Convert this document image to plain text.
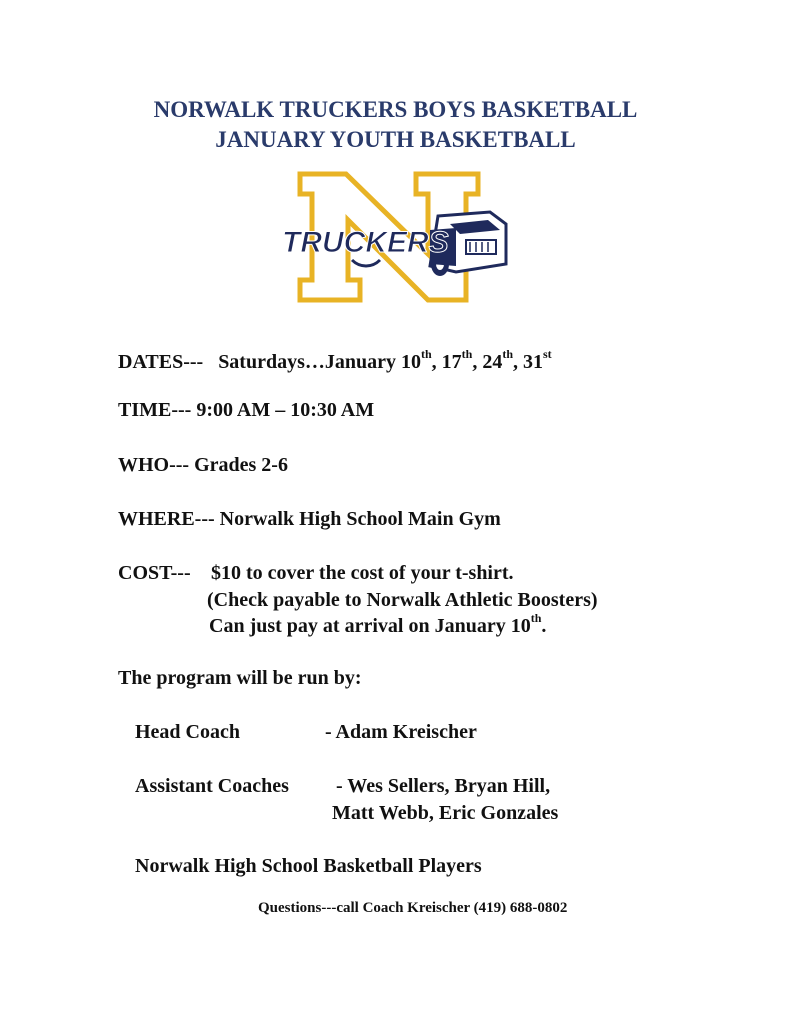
NORWALK TRUCKERS BOYS BASKETBALL
JANUARY YOUTH BASKETBALL
TRUCKERS
DATES--- Saturdays…January 10th, 17th, 24th, 31st
TIME--- 9:00 AM – 10:30 AM
WHO--- Grades 2-6
WHERE--- Norwalk High School Main Gym
COST--- $10 to cover the cost of your t-shirt.
(Check payable to Norwalk Athletic Boosters)
Can just pay at arrival on January 10th.
The program will be run by:
Head Coach	- Adam Kreischer
Assistant Coaches - Wes Sellers, Bryan Hill,
Matt Webb, Eric Gonzales
Norwalk High School Basketball Players
Questions---call Coach Kreischer (419) 688-0802
